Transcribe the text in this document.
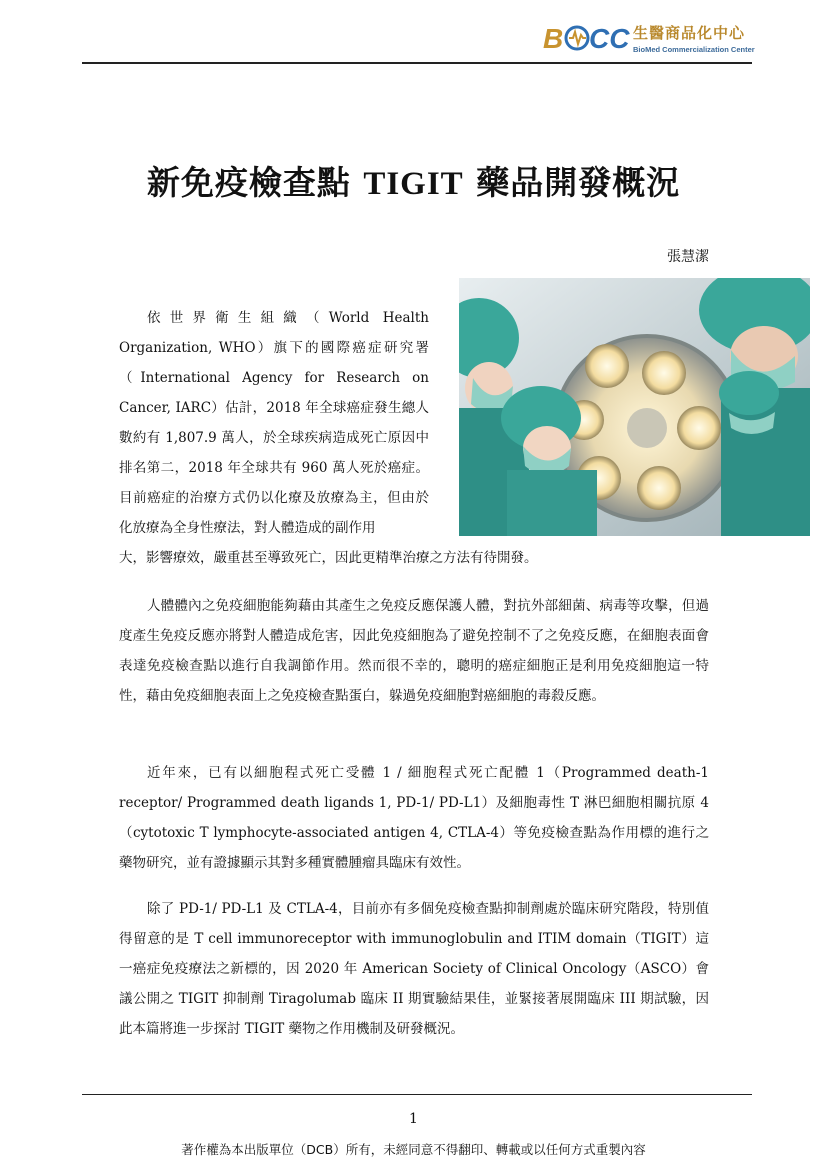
B CC 生醫商品化中心
BioMed Commercialization Center
新免疫檢查點 TIGIT 藥品開發概況
張慧潔

依世界衛生組織（World Health Organization, WHO）旗下的國際癌症研究署（International Agency for Research on Cancer, IARC）估計，2018 年全球癌症發生總人數約有 1,807.9 萬人，於全球疾病造成死亡原因中排名第二，2018 年全球共有 960 萬人死於癌症。目前癌症的治療方式仍以化療及放療為主，但由於化放療為全身性療法，對人體造成的副作用

大，影響療效，嚴重甚至導致死亡，因此更精準治療之方法有待開發。

人體體內之免疫細胞能夠藉由其產生之免疫反應保護人體，對抗外部細菌、病毒等攻擊，但過度產生免疫反應亦將對人體造成危害，因此免疫細胞為了避免控制不了之免疫反應，在細胞表面會表達免疫檢查點以進行自我調節作用。然而很不幸的，聰明的癌症細胞正是利用免疫細胞這一特性，藉由免疫細胞表面上之免疫檢查點蛋白，躲過免疫細胞對癌細胞的毒殺反應。

近年來，已有以細胞程式死亡受體 1 / 細胞程式死亡配體 1（Programmed death-1 receptor/ Programmed death ligands 1, PD-1/ PD-L1）及細胞毒性 T 淋巴細胞相關抗原 4（cytotoxic T lymphocyte-associated antigen 4, CTLA-4）等免疫檢查點為作用標的進行之藥物研究，並有證據顯示其對多種實體腫瘤具臨床有效性。

除了 PD-1/ PD-L1 及 CTLA-4，目前亦有多個免疫檢查點抑制劑處於臨床研究階段，特別值得留意的是 T cell immunoreceptor with immunoglobulin and ITIM domain（TIGIT）這一癌症免疫療法之新標的，因 2020 年 American Society of Clinical Oncology（ASCO）會議公開之 TIGIT 抑制劑 Tiragolumab 臨床 II 期實驗結果佳，並緊接著展開臨床 III 期試驗，因此本篇將進一步探討 TIGIT 藥物之作用機制及研發概況。

1
著作權為本出版單位（DCB）所有，未經同意不得翻印、轉載或以任何方式重製內容
